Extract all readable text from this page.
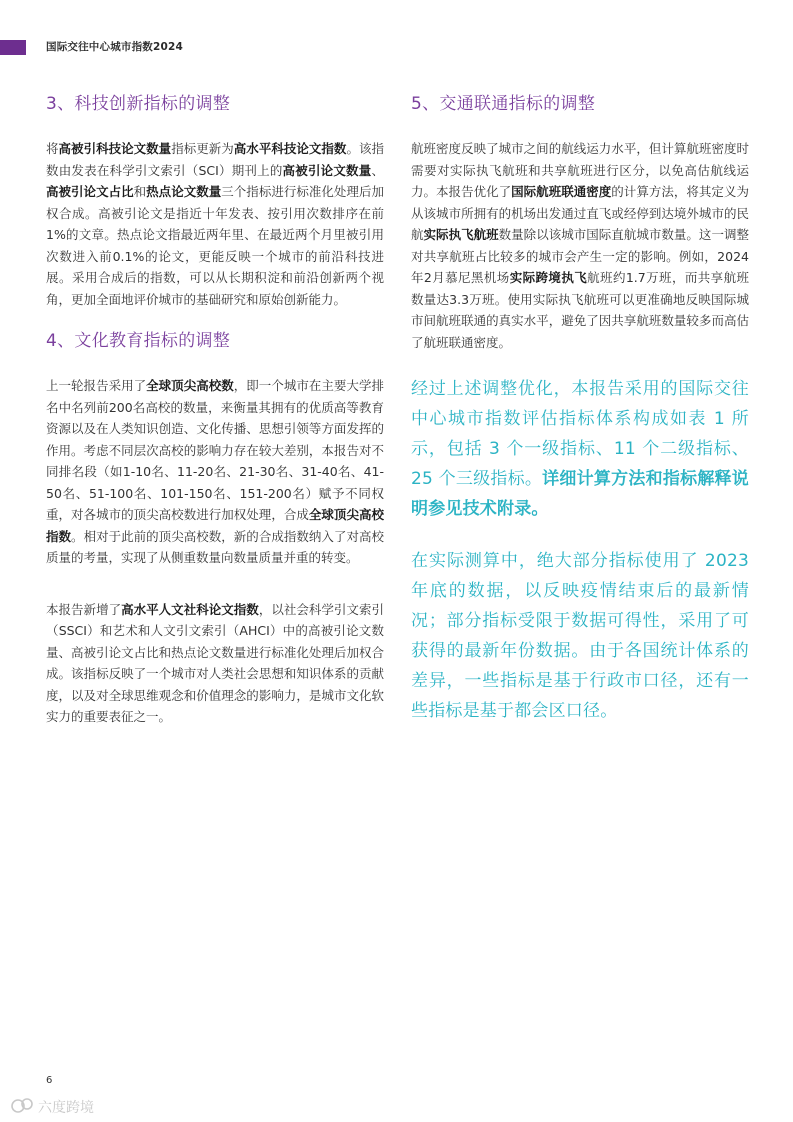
国际交往中心城市指数2024
3、科技创新指标的调整

将高被引科技论文数量指标更新为高水平科技论文指数。该指数由发表在科学引文索引（SCI）期刊上的高被引论文数量、高被引论文占比和热点论文数量三个指标进行标准化处理后加权合成。高被引论文是指近十年发表、按引用次数排序在前1%的文章。热点论文指最近两年里、在最近两个月里被引用次数进入前0.1%的论文，更能反映一个城市的前沿科技进展。采用合成后的指数，可以从长期积淀和前沿创新两个视角，更加全面地评价城市的基础研究和原始创新能力。

4、文化教育指标的调整

上一轮报告采用了全球顶尖高校数，即一个城市在主要大学排名中名列前200名高校的数量，来衡量其拥有的优质高等教育资源以及在人类知识创造、文化传播、思想引领等方面发挥的作用。考虑不同层次高校的影响力存在较大差别，本报告对不同排名段（如1-10名、11-20名、21-30名、31-40名、41-50名、51-100名、101-150名、151-200名）赋予不同权重，对各城市的顶尖高校数进行加权处理，合成全球顶尖高校指数。相对于此前的顶尖高校数，新的合成指数纳入了对高校质量的考量，实现了从侧重数量向数量质量并重的转变。

本报告新增了高水平人文社科论文指数，以社会科学引文索引（SSCI）和艺术和人文引文索引（AHCI）中的高被引论文数量、高被引论文占比和热点论文数量进行标准化处理后加权合成。该指标反映了一个城市对人类社会思想和知识体系的贡献度，以及对全球思维观念和价值理念的影响力，是城市文化软实力的重要表征之一。

5、交通联通指标的调整

航班密度反映了城市之间的航线运力水平，但计算航班密度时需要对实际执飞航班和共享航班进行区分，以免高估航线运力。本报告优化了国际航班联通密度的计算方法，将其定义为从该城市所拥有的机场出发通过直飞或经停到达境外城市的民航实际执飞航班数量除以该城市国际直航城市数量。这一调整对共享航班占比较多的城市会产生一定的影响。例如，2024年2月慕尼黑机场实际跨境执飞航班约1.7万班，而共享航班数量达3.3万班。使用实际执飞航班可以更准确地反映国际城市间航班联通的真实水平，避免了因共享航班数量较多而高估了航班联通密度。

经过上述调整优化，本报告采用的国际交往中心城市指数评估指标体系构成如表 1 所示，包括 3 个一级指标、11 个二级指标、25 个三级指标。详细计算方法和指标解释说明参见技术附录。

在实际测算中，绝大部分指标使用了 2023 年底的数据，以反映疫情结束后的最新情况；部分指标受限于数据可得性，采用了可获得的最新年份数据。由于各国统计体系的差异，一些指标是基于行政市口径，还有一些指标是基于都会区口径。

6
六度跨境
